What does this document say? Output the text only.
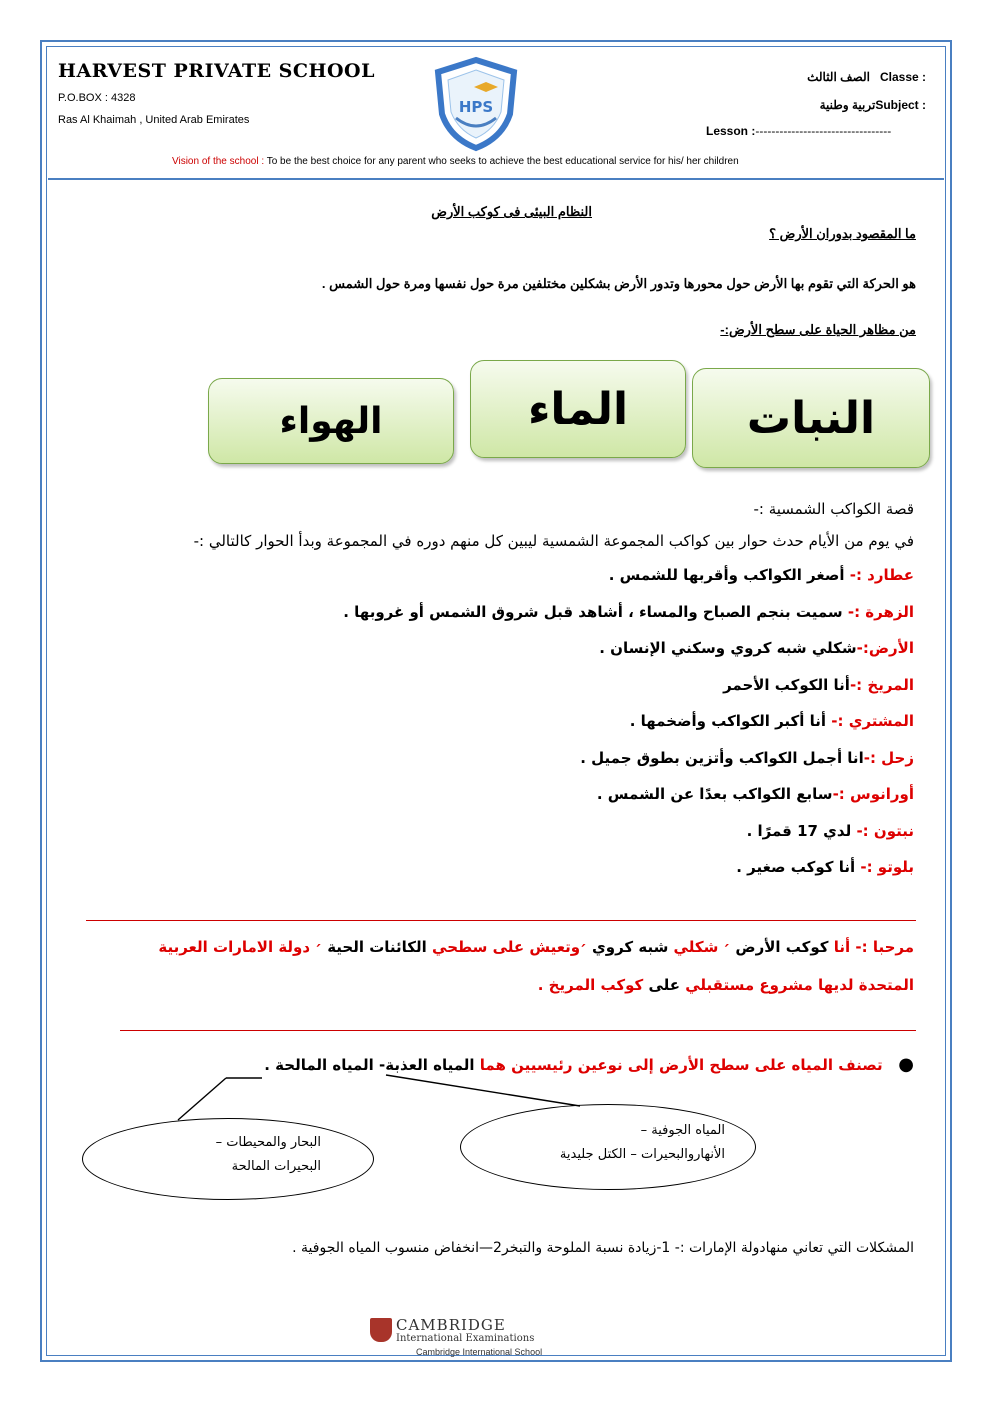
HARVEST PRIVATE SCHOOL
P.O.BOX : 4328
Ras Al Khaimah , United Arab Emirates
HPS
Classe :   الصف الثالث
Subject :تربية وطنية
Lesson :----------------------------------
Vision of the school : To be the best choice for any parent who seeks to achieve the best educational service for his/ her children
النظام البيئى فى كوكب الأرض
ما المقصود بدوران الأرض ؟
هو الحركة التي تقوم بها الأرض حول محورها وتدور الأرض بشكلين مختلفين مرة حول نفسها ومرة حول الشمس .
من مظاهر الحياة على سطح الأرض:-
النبات
الماء
الهواء
قصة الكواكب الشمسية :-
في يوم من الأيام حدث حوار بين كواكب المجموعة الشمسية ليبين كل منهم دوره في المجموعة وبدأ الحوار كالتالي :-
عطارد :- أصغر الكواكب وأقربها للشمس .
الزهرة :- سميت بنجم الصباح والمساء ، أشاهد قبل شروق الشمس أو غروبها .
الأرض:-شكلي شبه كروي وسكني الإنسان .
المريخ :-أنا الكوكب الأحمر
المشتري :- أنا أكبر الكواكب وأضخمها .
زحل :-انا أجمل الكواكب وأتزين بطوق جميل .
أورانوس :-سابع الكواكب بعدًا عن الشمس .
نبتون :- لدي 17 قمرًا .
بلوتو :- أنا كوكب صغير .
مرحبا :- أنا كوكب الأرض ׳ شكلي شبه كروي ׳وتعيش على سطحي الكائنات الحية ׳ دولة الامارات العربية
المتحدة لديها مشروع مستقبلي على كوكب المريخ .
●   تصنف المياه على سطح الأرض إلى نوعين رئيسيين هما المياه العذبة- المياه المالحة .
المياه الجوفية –
الأنهاروالبحيرات – الكتل جليدية
البحار والمحيطات –
البحيرات المالحة
المشكلات التي تعاني منهادولة الإمارات :- 1-زيادة نسبة الملوحة والتبخر2—انخفاض منسوب المياه الجوفية .
CAMBRIDGE
International Examinations
Cambridge International School
